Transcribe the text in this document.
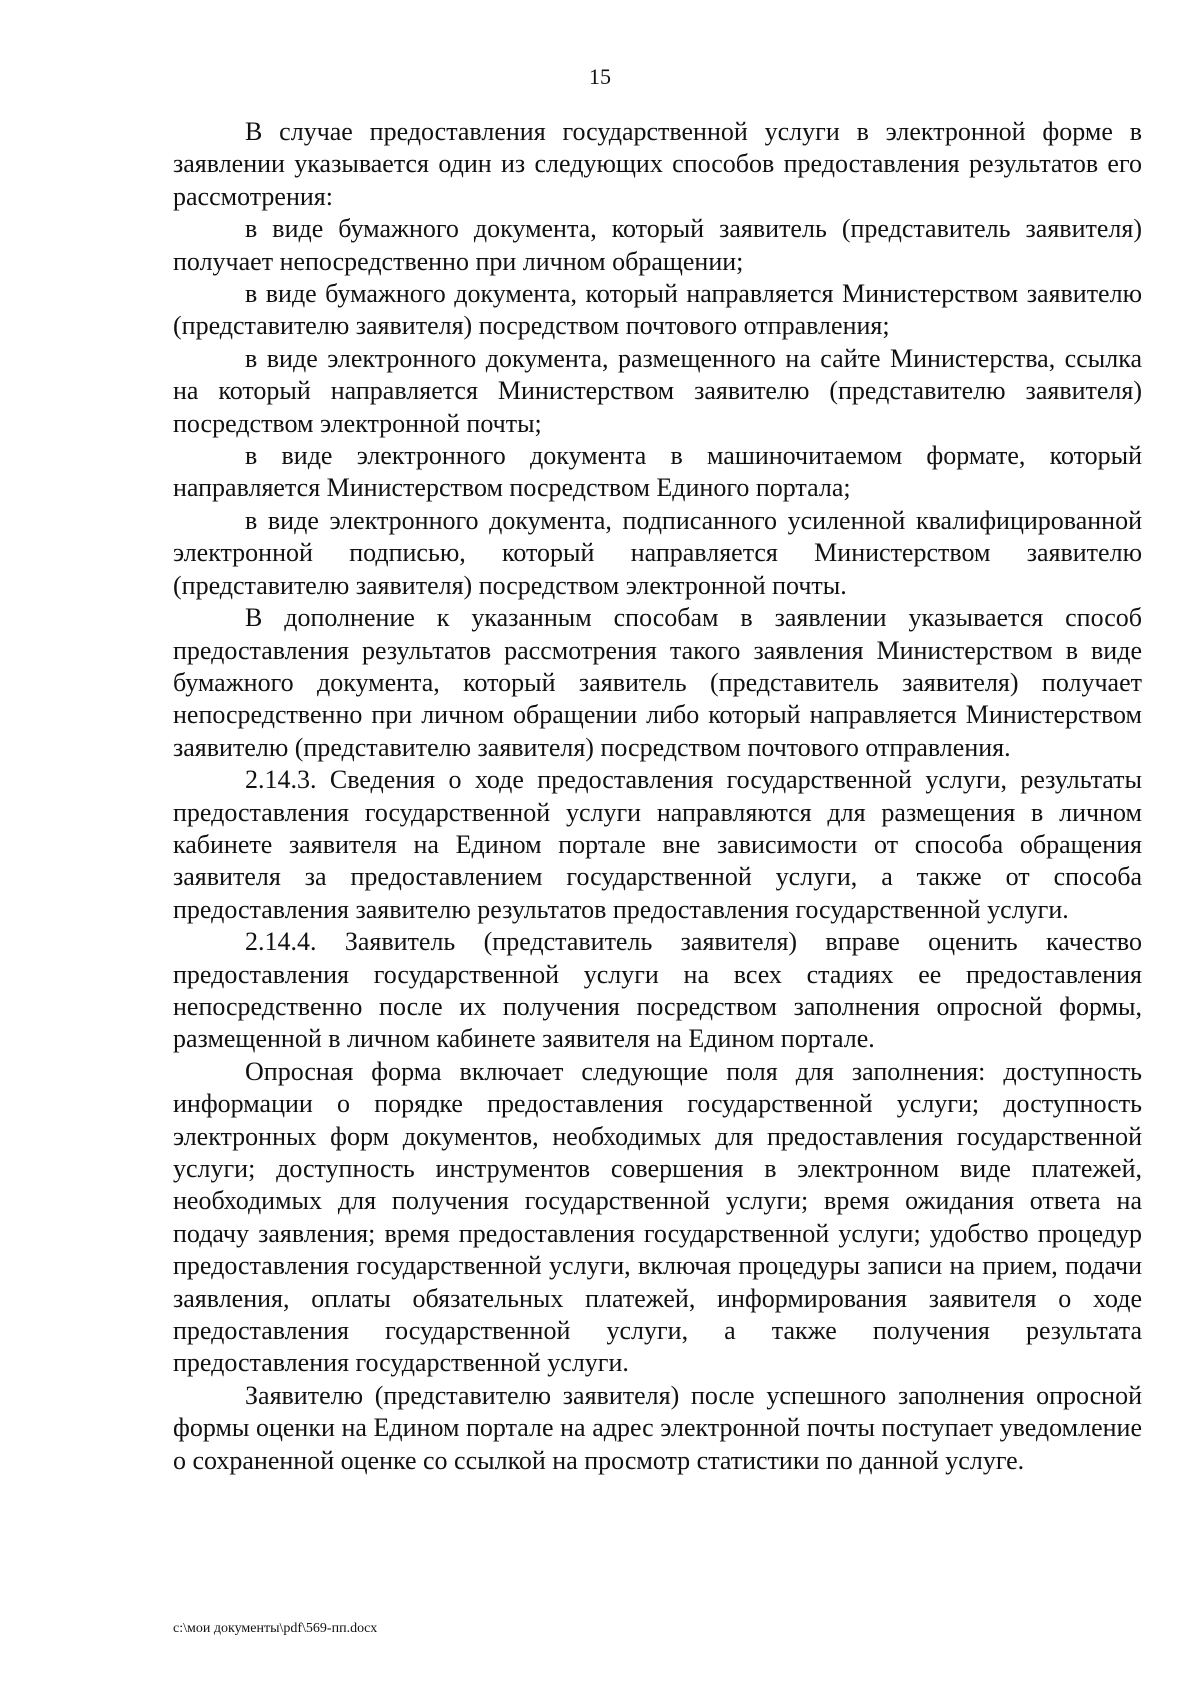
15

В случае предоставления государственной услуги в электронной форме в заявлении указывается один из следующих способов предоставления результатов его рассмотрения:

в виде бумажного документа, который заявитель (представитель заявителя) получает непосредственно при личном обращении;

в виде бумажного документа, который направляется Министерством заявителю (представителю заявителя) посредством почтового отправления;

в виде электронного документа, размещенного на сайте Министерства, ссылка на который направляется Министерством заявителю (представителю заявителя) посредством электронной почты;

в виде электронного документа в машиночитаемом формате, который направляется Министерством посредством Единого портала;

в виде электронного документа, подписанного усиленной квалифицированной электронной подписью, который направляется Министерством заявителю (представителю заявителя) посредством электронной почты.

В дополнение к указанным способам в заявлении указывается способ предоставления результатов рассмотрения такого заявления Министерством в виде бумажного документа, который заявитель (представитель заявителя) получает непосредственно при личном обращении либо который направляется Министерством заявителю (представителю заявителя) посредством почтового отправления.

2.14.3. Сведения о ходе предоставления государственной услуги, результаты предоставления государственной услуги направляются для размещения в личном кабинете заявителя на Едином портале вне зависимости от способа обращения заявителя за предоставлением государственной услуги, а также от способа предоставления заявителю результатов предоставления государственной услуги.

2.14.4. Заявитель (представитель заявителя) вправе оценить качество предоставления государственной услуги на всех стадиях ее предоставления непосредственно после их получения посредством заполнения опросной формы, размещенной в личном кабинете заявителя на Едином портале.

Опросная форма включает следующие поля для заполнения: доступность информации о порядке предоставления государственной услуги; доступность электронных форм документов, необходимых для предоставления государственной услуги; доступность инструментов совершения в электронном виде платежей, необходимых для получения государственной услуги; время ожидания ответа на подачу заявления; время предоставления государственной услуги; удобство процедур предоставления государственной услуги, включая процедуры записи на прием, подачи заявления, оплаты обязательных платежей, информирования заявителя о ходе предоставления государственной услуги, а также получения результата предоставления государственной услуги.

Заявителю (представителю заявителя) после успешного заполнения опросной формы оценки на Едином портале на адрес электронной почты поступает уведомление о сохраненной оценке со ссылкой на просмотр статистики по данной услуге.

c:\мои документы\pdf\569-пп.docx
